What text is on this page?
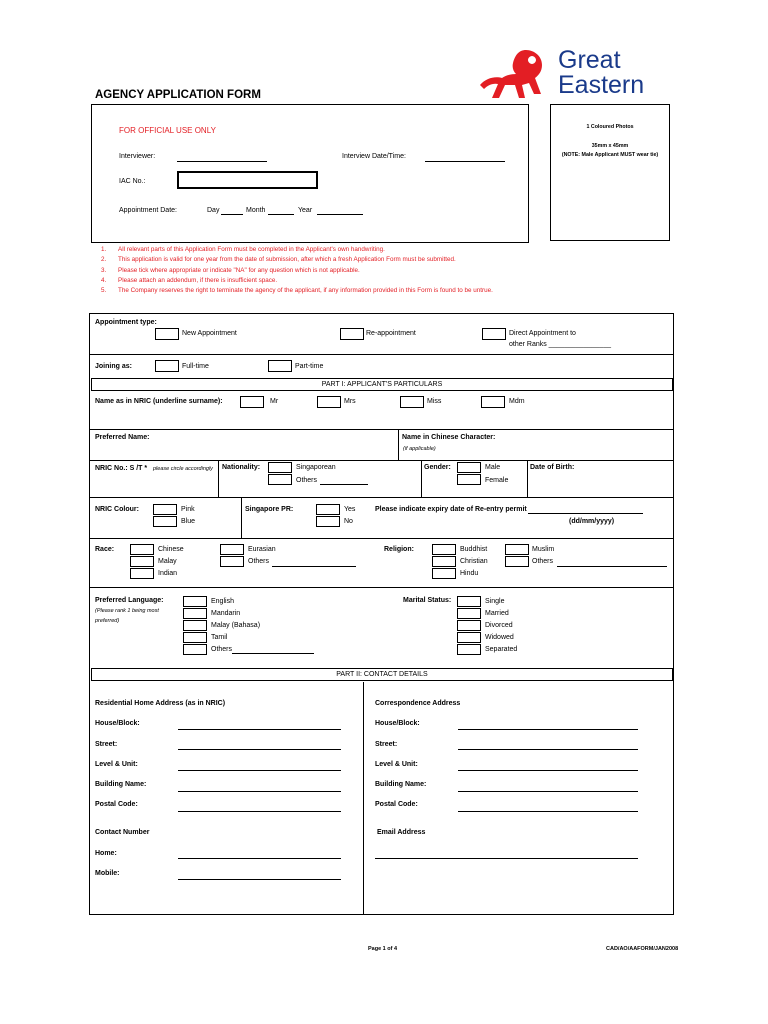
AGENCY APPLICATION FORM
Great
Eastern
FOR OFFICIAL USE ONLY
Interviewer:	Interview Date/Time:
IAC No.:
Appointment Date:	Day	Month	Year
1 Coloured Photos
35mm x 45mm
(NOTE: Male Applicant MUST wear tie)
1.	All relevant parts of this Application Form must be completed in the Applicant's own handwriting.
2.	This application is valid for one year from the date of submission, after which a fresh Application Form must be submitted.
3.	Please tick where appropriate or indicate "NA" for any question which is not applicable.
4.	Please attach an addendum, if there is insufficient space.
5.	The Company reserves the right to terminate the agency of the applicant, if any information provided in this Form is found to be untrue.
Appointment type:
New Appointment	Re-appointment	Direct Appointment to
other Ranks ________________
Joining as:	Full-time	Part-time
PART I: APPLICANT'S PARTICULARS
Name as in NRIC (underline surname):	Mr	Mrs	Miss	Mdm
Preferred Name:	Name in Chinese Character:
(if applicable)
NRIC No.: S /T * please circle accordingly Nationality:	Singaporean
Others
Gender:	Male
Female
Date of Birth:
NRIC Colour:	Pink
Blue
Singapore PR:	Yes
No
Please indicate expiry date of Re-entry permit
(dd/mm/yyyy)
Race:	Chinese
Malay
Indian
Eurasian
Others
Religion:	Buddhist
Christian
Hindu
Muslim
Others
Preferred Language:
(Please rank 1 being most
preferred)
English
Mandarin
Malay (Bahasa)
Tamil
Others
Marital Status:	Single
Married
Divorced
Widowed
Separated
PART II: CONTACT DETAILS
Residential Home Address (as in NRIC)
House/Block:
Street:
Level & Unit:
Building Name:
Postal Code:
Contact Number
Home:
Mobile:
Correspondence Address
House/Block:
Street:
Level & Unit:
Building Name:
Postal Code:
Email Address
Page 1 of 4	CAD/AO/AAFORM/JAN2008
